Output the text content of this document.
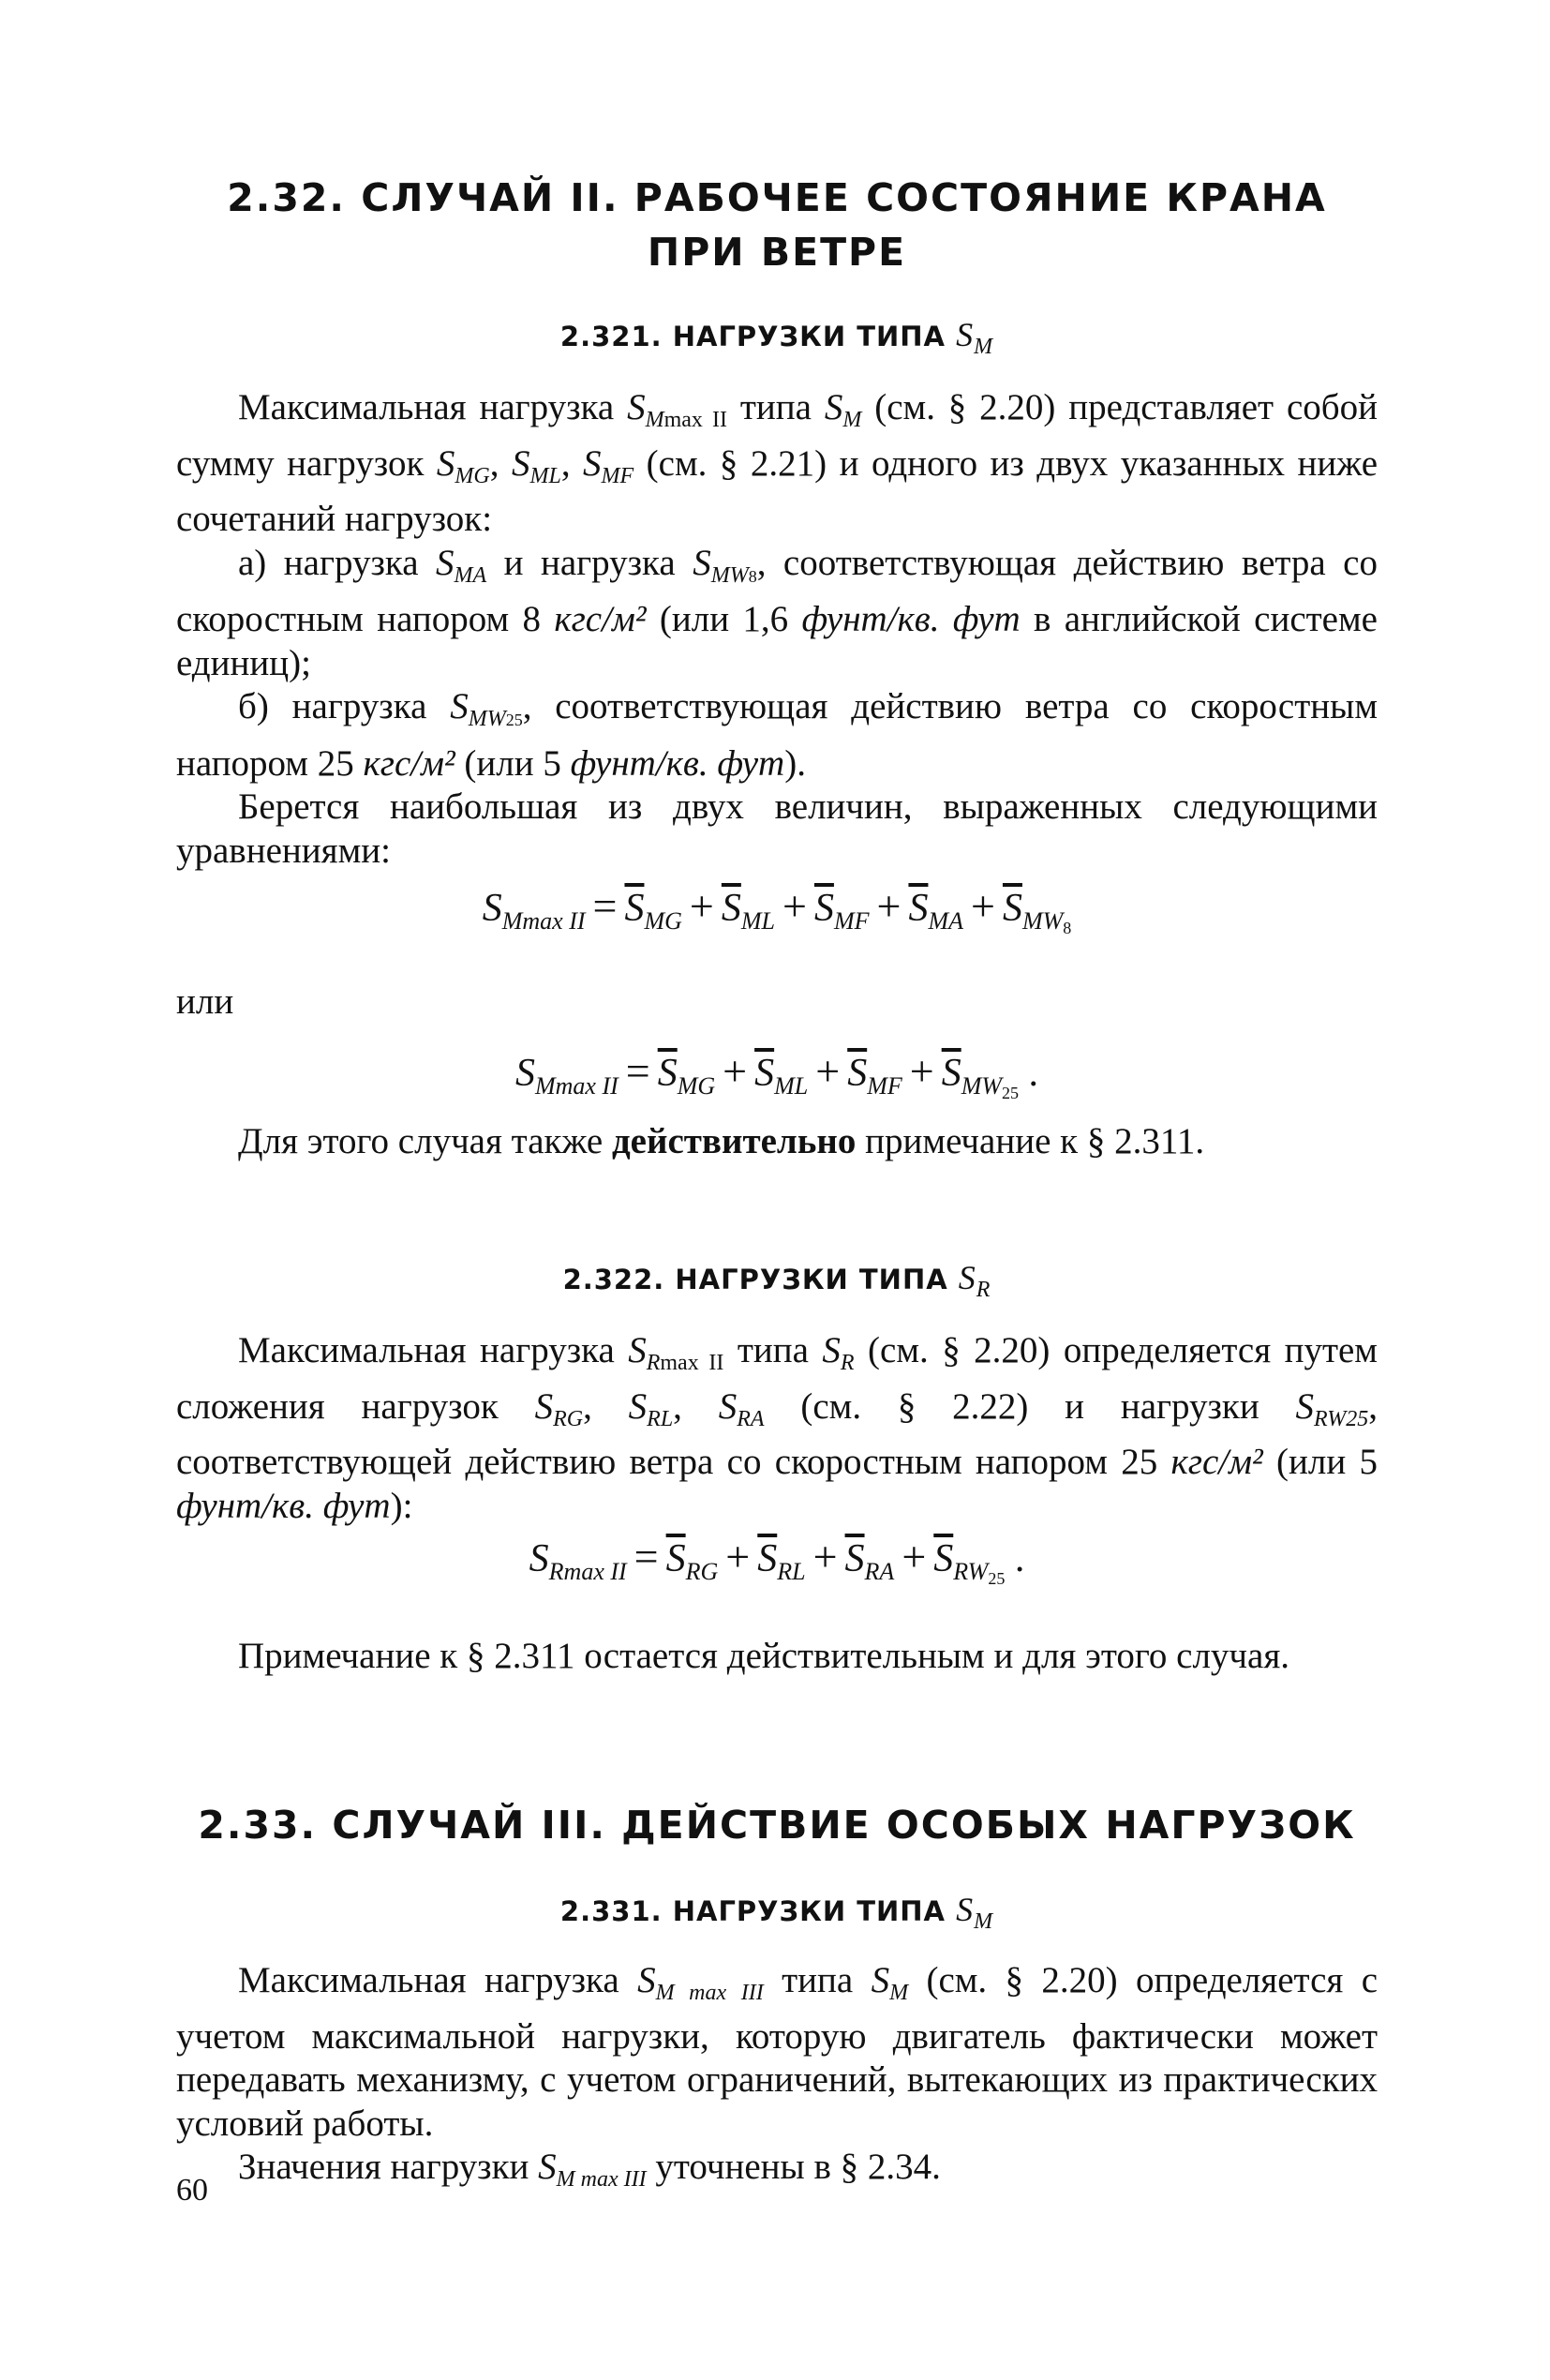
2.32. СЛУЧАЙ II. РАБОЧЕЕ СОСТОЯНИЕ КРАНА

ПРИ ВЕТРЕ

2.321. НАГРУЗКИ ТИПА $S_M$

Максимальная нагрузка $S_{Mmax II}$ типа $S_M$ (см. § 2.20) представляет собой сумму нагрузок $S_{MG}$, $S_{ML}$, $S_{MF}$ (см. § 2.21) и одного из двух указанных ниже сочетаний нагрузок:

а) нагрузка $S_{MA}$ и нагрузка $S_{MW8}$, соответствующая действию ветра со скоростным напором 8 кгс/м² (или 1,6 фунт/кв. фут в английской системе единиц);

б) нагрузка $S_{MW25}$, соответствующая действию ветра со скоростным напором 25 кгс/м² (или 5 фунт/кв. фут).

Берется наибольшая из двух величин, выраженных следующими уравнениями:

$S_{Mmax II} = \overline{S}_{MG} + \overline{S}_{ML} + \overline{S}_{MF} + \overline{S}_{MA} + \overline{S}_{MW8}$

или

$S_{Mmax II} = \overline{S}_{MG} + \overline{S}_{ML} + \overline{S}_{MF} + \overline{S}_{MW25}$ .

Для этого случая также действительно примечание к § 2.311.

2.322. НАГРУЗКИ ТИПА $S_R$

Максимальная нагрузка $S_{Rmax II}$ типа $S_R$ (см. § 2.20) определяется путем сложения нагрузок $S_{RG}$, $S_{RL}$, $S_{RA}$ (см. § 2.22) и нагрузки $S_{RW25}$, соответствующей действию ветра со скоростным напором 25 кгс/м² (или 5 фунт/кв. фут):

$S_{Rmax II} = \overline{S}_{RG} + \overline{S}_{RL} + \overline{S}_{RA} + \overline{S}_{RW25}$ .

Примечание к § 2.311 остается действительным и для этого случая.

2.33. СЛУЧАЙ III. ДЕЙСТВИЕ ОСОБЫХ НАГРУЗОК

2.331. НАГРУЗКИ ТИПА $S_M$

Максимальная нагрузка $S_{M max III}$ типа $S_M$ (см. § 2.20) определяется с учетом максимальной нагрузки, которую двигатель фактически может передавать механизму, с учетом ограничений, вытекающих из практических условий работы.

Значения нагрузки $S_{M max III}$ уточнены в § 2.34.

60
